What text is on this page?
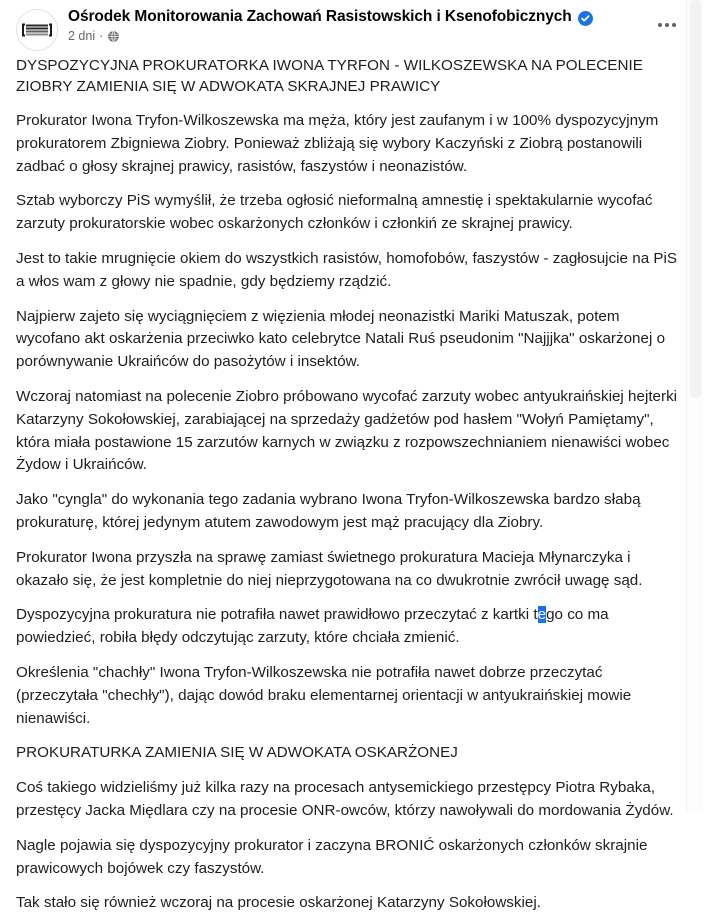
Ośrodek Monitorowania Zachowań Rasistowskich i Ksenofobicznych
2 dni ·

DYSPOZYCYJNA PROKURATORKA IWONA TYRFON - WILKOSZEWSKA NA POLECENIE ZIOBRY ZAMIENIA SIĘ W ADWOKATA SKRAJNEJ PRAWICY

Prokurator Iwona Tryfon-Wilkoszewska ma męża, który jest zaufanym i w 100% dyspozycyjnym prokuratorem Zbigniewa Ziobry. Ponieważ zbliżają się wybory Kaczyński z Ziobrą postanowili zadbać o głosy skrajnej prawicy, rasistów, faszystów i neonazistów.

Sztab wyborczy PiS wymyślił, że trzeba ogłosić nieformalną amnestię i spektakularnie wycofać zarzuty prokuratorskie wobec oskarżonych członków i członkiń ze skrajnej prawicy.

Jest to takie mrugnięcie okiem do wszystkich rasistów, homofobów, faszystów - zagłosujcie na PiS a włos wam z głowy nie spadnie, gdy będziemy rządzić.

Najpierw zajeto się wyciągnięciem z więzienia młodej neonazistki Mariki Matuszak, potem wycofano akt oskarżenia przeciwko kato celebrytce Natali Ruś pseudonim "Najjjka" oskarżonej o porównywanie Ukraińców do pasożytów i insektów.

Wczoraj natomiast na polecenie Ziobro próbowano wycofać zarzuty wobec antyukraińskiej hejterki Katarzyny Sokołowskiej, zarabiającej na sprzedaży gadżetów pod hasłem "Wołyń Pamiętamy", która miała postawione 15 zarzutów karnych w związku z rozpowszechnianiem nienawiści wobec Żydow i Ukraińców.

Jako "cyngla" do wykonania tego zadania wybrano Iwona Tryfon-Wilkoszewska bardzo słabą prokuraturę, której jedynym atutem zawodowym jest mąż pracujący dla Ziobry.

Prokurator Iwona przyszła na sprawę zamiast świetnego prokuratura Macieja Młynarczyka i okazało się, że jest kompletnie do niej nieprzygotowana na co dwukrotnie zwrócił uwagę sąd.

Dyspozycyjna prokuratura nie potrafiła nawet prawidłowo przeczytać z kartki tego co ma powiedzieć, robiła błędy odczytując zarzuty, które chciała zmienić.

Określenia "chachły" Iwona Tryfon-Wilkoszewska nie potrafiła nawet dobrze przeczytać (przeczytała "chechły"), dając dowód braku elementarnej orientacji w antyukraińskiej mowie nienawiści.

PROKURATURKA ZAMIENIA SIĘ W ADWOKATA OSKARŻONEJ

Coś takiego widzieliśmy już kilka razy na procesach antysemickiego przestępcy Piotra Rybaka, przestęcy Jacka Międlara czy na procesie ONR-owców, którzy nawoływali do mordowania Żydów.

Nagle pojawia się dyspozycyjny prokurator i zaczyna BRONIĆ oskarżonych członków skrajnie prawicowych bojówek czy faszystów.

Tak stało się również wczoraj na procesie oskarżonej Katarzyny Sokołowskiej.
